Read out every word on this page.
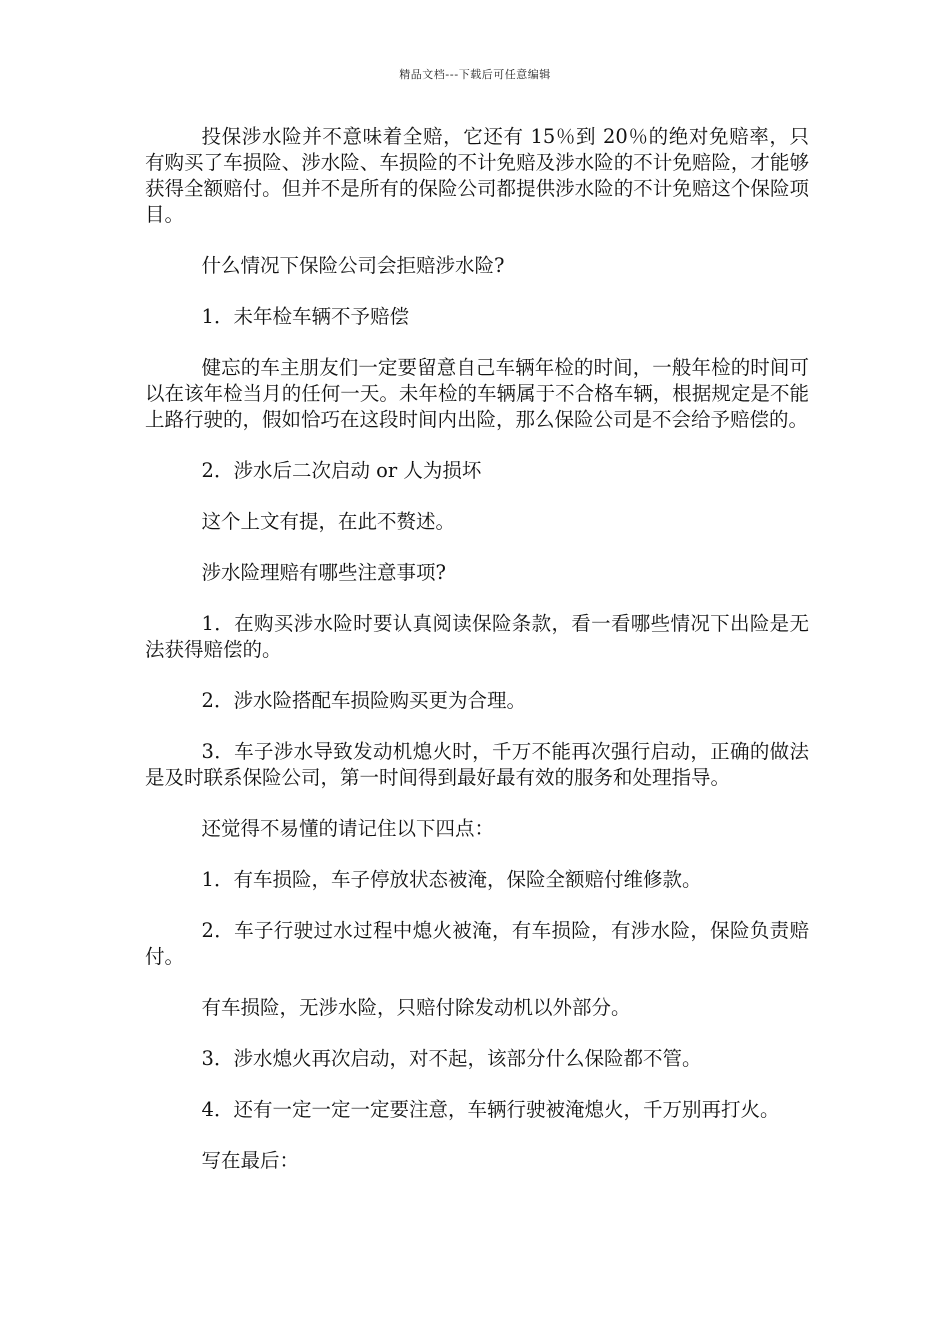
精品文档---下载后可任意编辑

投保涉水险并不意味着全赔，它还有 15％到 20％的绝对免赔率，只有购买了车损险、涉水险、车损险的不计免赔及涉水险的不计免赔险，才能够获得全额赔付。但并不是所有的保险公司都提供涉水险的不计免赔这个保险项目。

什么情况下保险公司会拒赔涉水险?

1．未年检车辆不予赔偿

健忘的车主朋友们一定要留意自己车辆年检的时间，一般年检的时间可以在该年检当月的任何一天。未年检的车辆属于不合格车辆，根据规定是不能上路行驶的，假如恰巧在这段时间内出险，那么保险公司是不会给予赔偿的。

2．涉水后二次启动 or 人为损坏

这个上文有提，在此不赘述。

涉水险理赔有哪些注意事项?

1．在购买涉水险时要认真阅读保险条款，看一看哪些情况下出险是无法获得赔偿的。

2．涉水险搭配车损险购买更为合理。

3．车子涉水导致发动机熄火时，千万不能再次强行启动，正确的做法是及时联系保险公司，第一时间得到最好最有效的服务和处理指导。

还觉得不易懂的请记住以下四点：

1．有车损险，车子停放状态被淹，保险全额赔付维修款。

2．车子行驶过水过程中熄火被淹，有车损险，有涉水险，保险负责赔付。

有车损险，无涉水险，只赔付除发动机以外部分。

3．涉水熄火再次启动，对不起，该部分什么保险都不管。

4．还有一定一定一定要注意，车辆行驶被淹熄火，千万别再打火。

写在最后：
